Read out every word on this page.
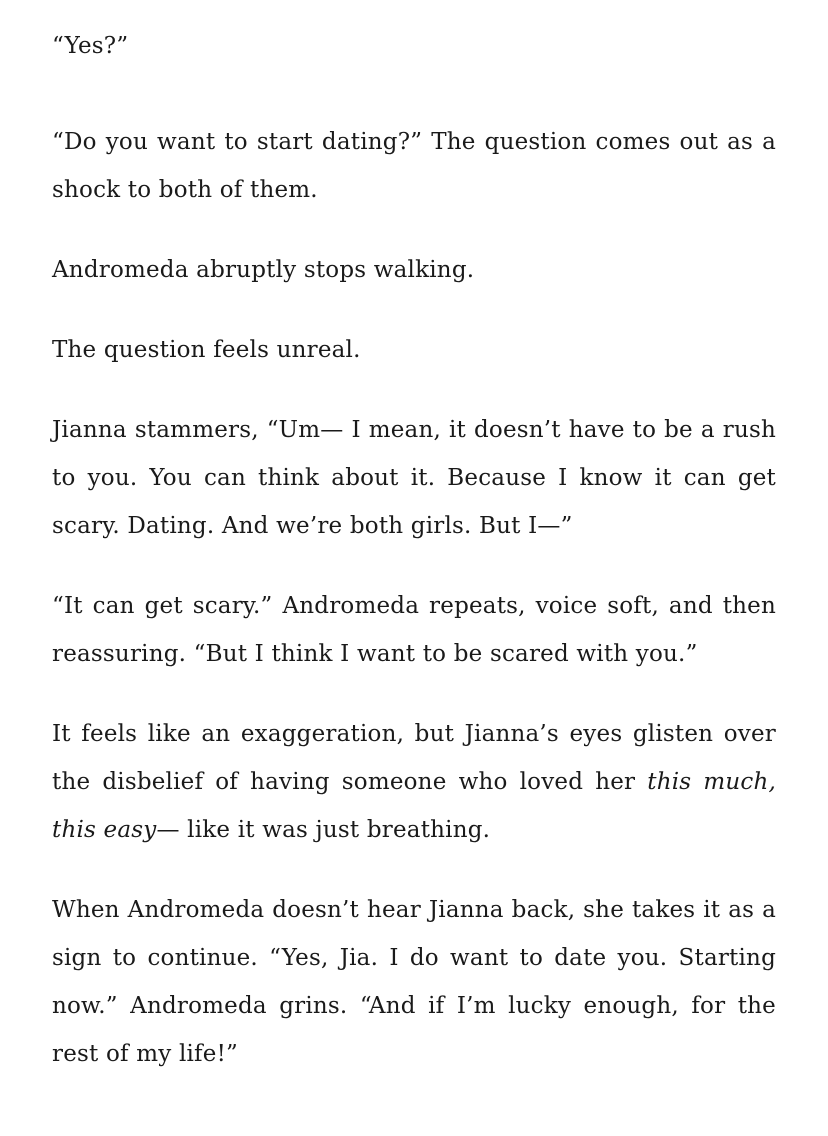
“Yes?”

“Do you want to start dating?” The question comes out as a shock to both of them.

Andromeda abruptly stops walking.

The question feels unreal.

Jianna stammers, “Um— I mean, it doesn’t have to be a rush to you. You can think about it. Because I know it can get scary. Dating. And we’re both girls. But I—”

“It can get scary.” Andromeda repeats, voice soft, and then reassuring. “But I think I want to be scared with you.”

It feels like an exaggeration, but Jianna’s eyes glisten over the disbelief of having someone who loved her this much, this easy— like it was just breathing.

When Andromeda doesn’t hear Jianna back, she takes it as a sign to continue. “Yes, Jia. I do want to date you. Starting now.” Andromeda grins. “And if I’m lucky enough, for the rest of my life!”
